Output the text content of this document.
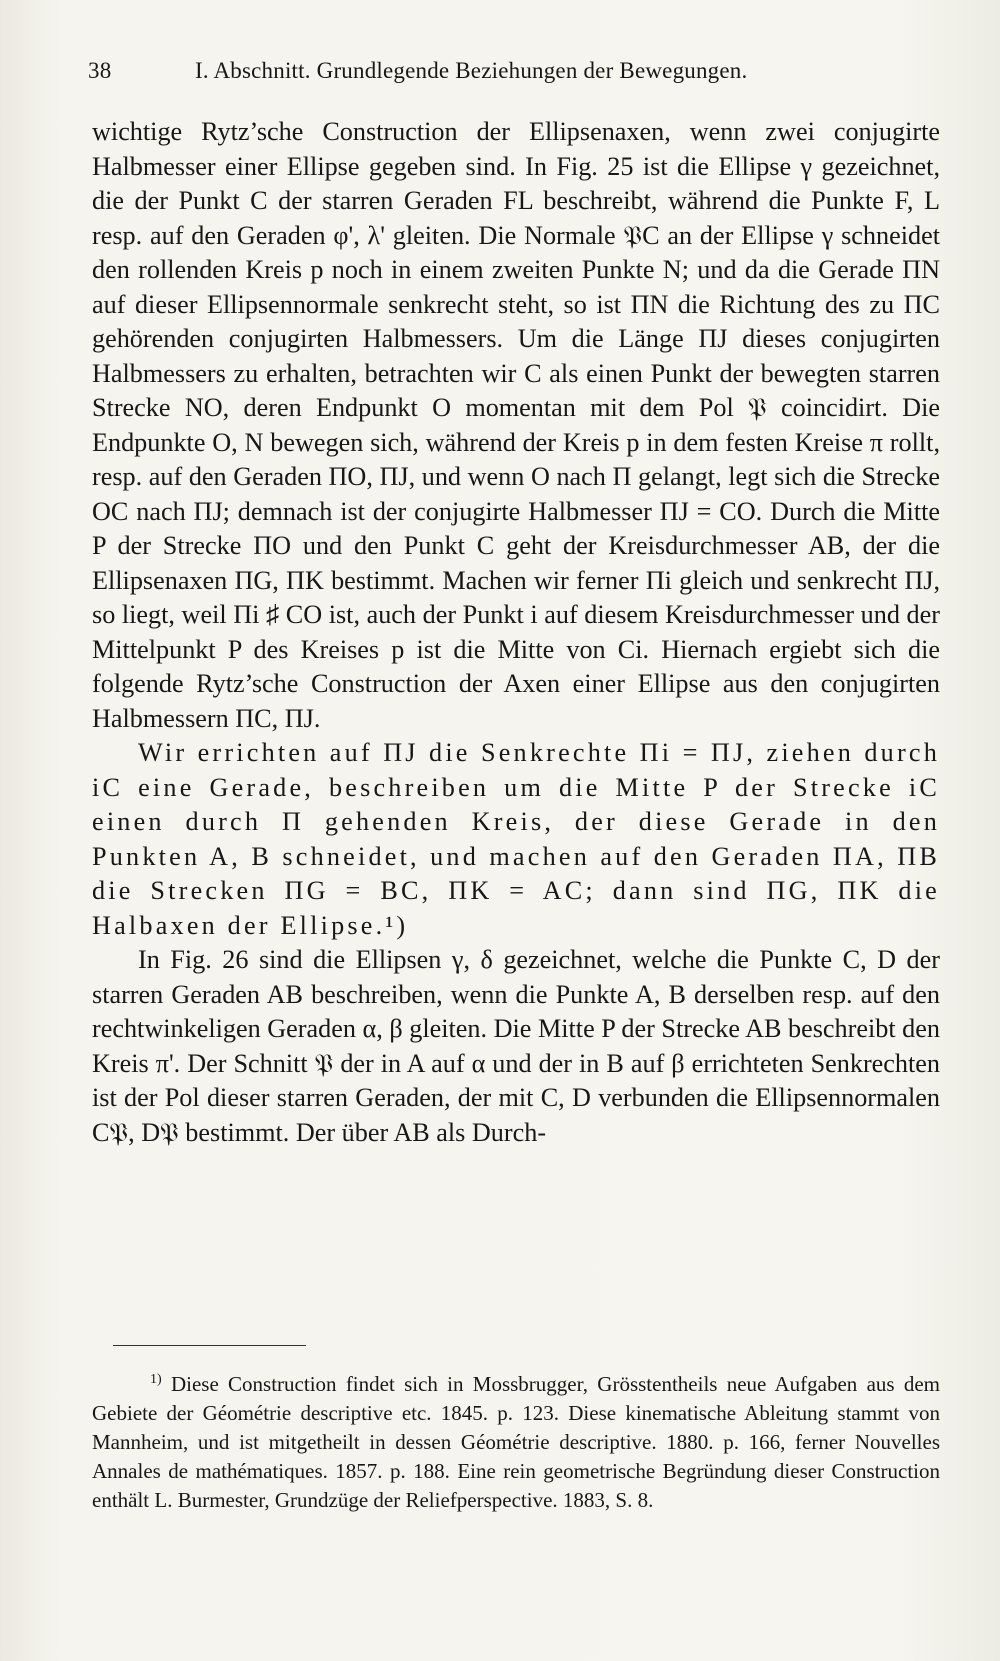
38	I. Abschnitt. Grundlegende Beziehungen der Bewegungen.

wichtige Rytz’sche Construction der Ellipsenaxen, wenn zwei conjugirte Halbmesser einer Ellipse gegeben sind. In Fig. 25 ist die Ellipse γ gezeichnet, die der Punkt C der starren Geraden FL beschreibt, während die Punkte F, L resp. auf den Geraden φ', λ' gleiten. Die Normale 𝔓C an der Ellipse γ schneidet den rollenden Kreis p noch in einem zweiten Punkte N; und da die Gerade ΠN auf dieser Ellipsennormale senkrecht steht, so ist ΠN die Richtung des zu ΠC gehörenden conjugirten Halbmessers. Um die Länge ΠJ dieses conjugirten Halbmessers zu erhalten, betrachten wir C als einen Punkt der bewegten starren Strecke NO, deren Endpunkt O momentan mit dem Pol 𝔓 coincidirt. Die Endpunkte O, N bewegen sich, während der Kreis p in dem festen Kreise π rollt, resp. auf den Geraden ΠO, ΠJ, und wenn O nach Π gelangt, legt sich die Strecke OC nach ΠJ; demnach ist der conjugirte Halbmesser ΠJ = CO. Durch die Mitte P der Strecke ΠO und den Punkt C geht der Kreisdurchmesser AB, der die Ellipsenaxen ΠG, ΠK bestimmt. Machen wir ferner Πi gleich und senkrecht ΠJ, so liegt, weil Πi ♯ CO ist, auch der Punkt i auf diesem Kreisdurchmesser und der Mittelpunkt P des Kreises p ist die Mitte von Ci. Hiernach ergiebt sich die folgende Rytz’sche Construction der Axen einer Ellipse aus den conjugirten Halbmessern ΠC, ΠJ.

Wir errichten auf ΠJ die Senkrechte Πi = ΠJ, ziehen durch iC eine Gerade, beschreiben um die Mitte P der Strecke iC einen durch Π gehenden Kreis, der diese Gerade in den Punkten A, B schneidet, und machen auf den Geraden ΠA, ΠB die Strecken ΠG = BC, ΠK = AC; dann sind ΠG, ΠK die Halbaxen der Ellipse.¹)

In Fig. 26 sind die Ellipsen γ, δ gezeichnet, welche die Punkte C, D der starren Geraden AB beschreiben, wenn die Punkte A, B derselben resp. auf den rechtwinkeligen Geraden α, β gleiten. Die Mitte P der Strecke AB beschreibt den Kreis π'. Der Schnitt 𝔓 der in A auf α und der in B auf β errichteten Senkrechten ist der Pol dieser starren Geraden, der mit C, D verbunden die Ellipsennormalen C𝔓, D𝔓 bestimmt. Der über AB als Durch-

$^{1)}$ Diese Construction findet sich in Mossbrugger, Grösstentheils neue Aufgaben aus dem Gebiete der Géométrie descriptive etc. 1845. p. 123. Diese kinematische Ableitung stammt von Mannheim, und ist mitgetheilt in dessen Géométrie descriptive. 1880. p. 166, ferner Nouvelles Annales de mathématiques. 1857. p. 188. Eine rein geometrische Begründung dieser Construction enthält L. Burmester, Grundzüge der Reliefperspective. 1883, S. 8.
